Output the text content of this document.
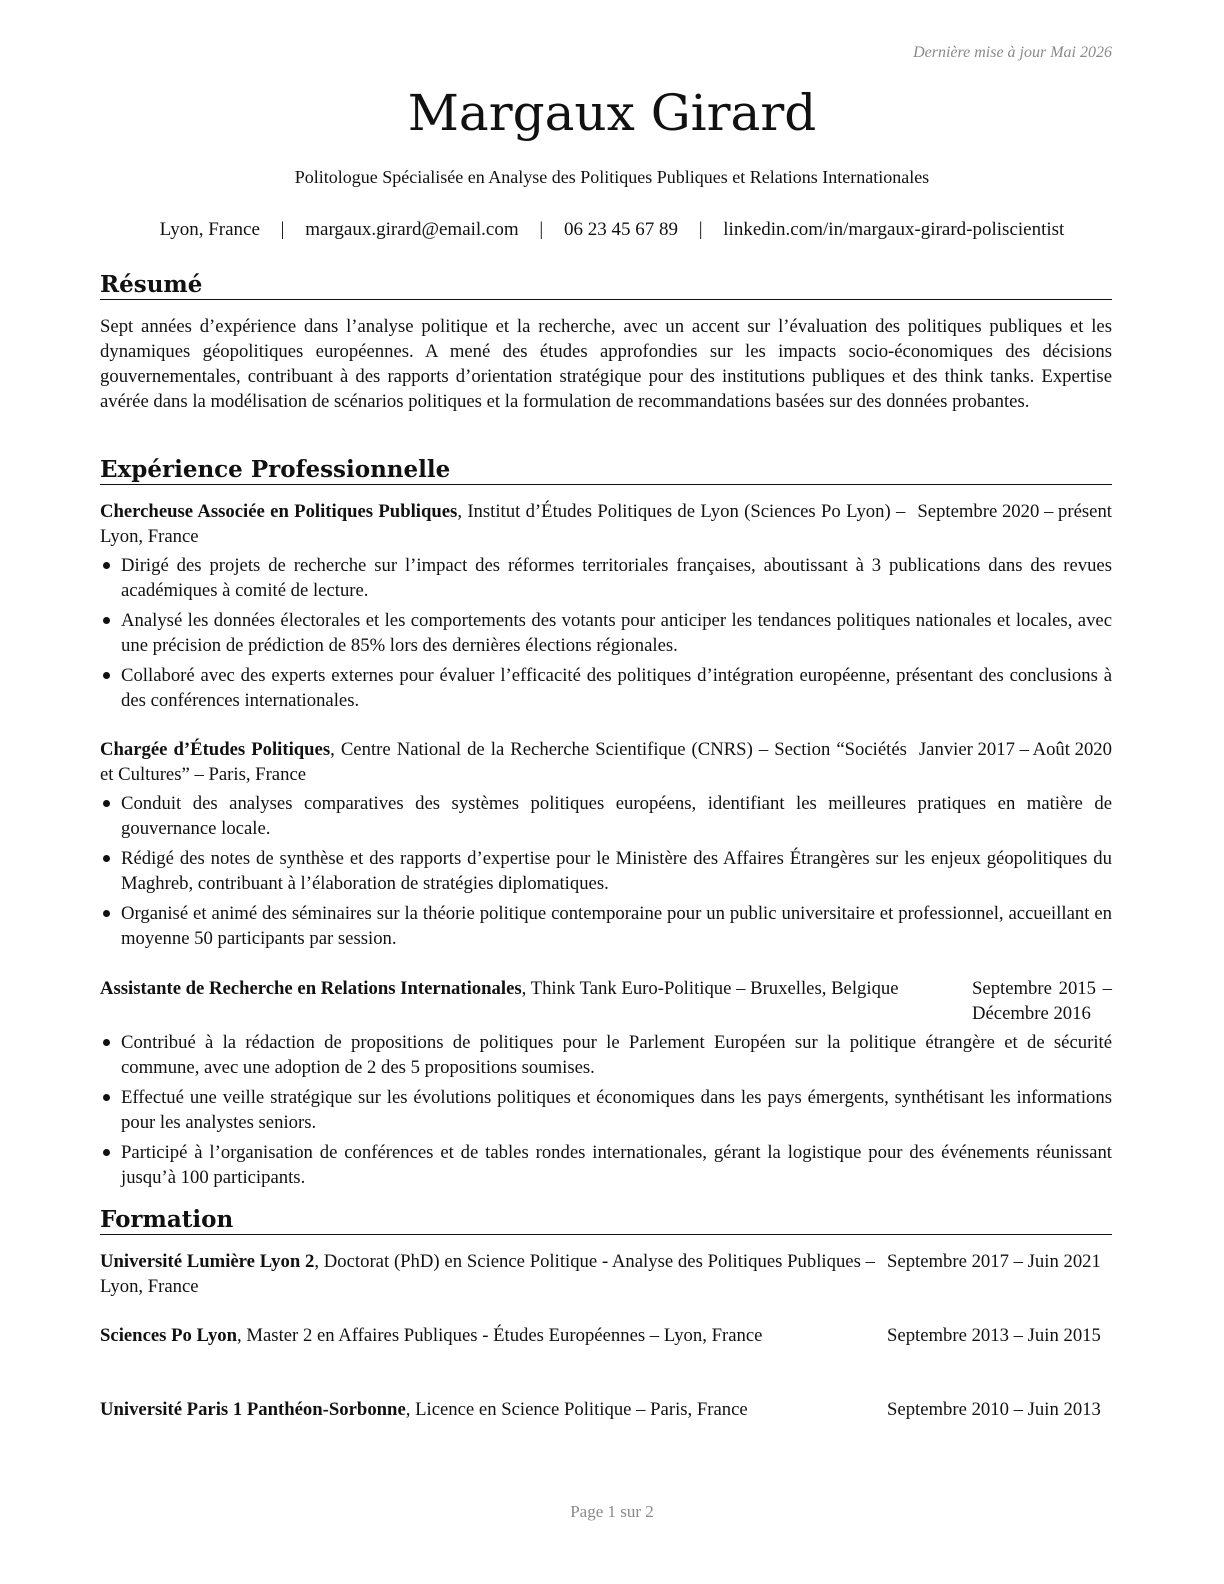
Dernière mise à jour Mai 2026
Margaux Girard
Politologue Spécialisée en Analyse des Politiques Publiques et Relations Internationales
Lyon, France | margaux.girard@email.com | 06 23 45 67 89 | linkedin.com/in/margaux-girard-poliscientist
Résumé
Sept années d’expérience dans l’analyse politique et la recherche, avec un accent sur l’évaluation des politiques publiques et les dynamiques géopolitiques européennes. A mené des études approfondies sur les impacts socio-économiques des décisions gouvernementales, contribuant à des rapports d’orientation stratégique pour des institutions publiques et des think tanks. Expertise avérée dans la modélisation de scénarios politiques et la formulation de recommandations basées sur des données probantes.
Expérience Professionnelle
Chercheuse Associée en Politiques Publiques, Institut d’Études Politiques de Lyon (Sciences Po Lyon) – Lyon, France
Septembre 2020 – présent
Dirigé des projets de recherche sur l’impact des réformes territoriales françaises, aboutissant à 3 publications dans des revues académiques à comité de lecture.
Analysé les données électorales et les comportements des votants pour anticiper les tendances politiques nationales et locales, avec une précision de prédiction de 85% lors des dernières élections régionales.
Collaboré avec des experts externes pour évaluer l’efficacité des politiques d’intégration européenne, présentant des conclusions à des conférences internationales.
Chargée d’Études Politiques, Centre National de la Recherche Scientifique (CNRS) – Section “Sociétés et Cultures” – Paris, France
Janvier 2017 – Août 2020
Conduit des analyses comparatives des systèmes politiques européens, identifiant les meilleures pratiques en matière de gouvernance locale.
Rédigé des notes de synthèse et des rapports d’expertise pour le Ministère des Affaires Étrangères sur les enjeux géopolitiques du Maghreb, contribuant à l’élaboration de stratégies diplomatiques.
Organisé et animé des séminaires sur la théorie politique contemporaine pour un public universitaire et professionnel, accueillant en moyenne 50 participants par session.
Assistante de Recherche en Relations Internationales, Think Tank Euro-Politique – Bruxelles, Belgique	Septembre 2015 – Décembre 2016
Contribué à la rédaction de propositions de politiques pour le Parlement Européen sur la politique étrangère et de sécurité commune, avec une adoption de 2 des 5 propositions soumises.
Effectué une veille stratégique sur les évolutions politiques et économiques dans les pays émergents, synthétisant les informations pour les analystes seniors.
Participé à l’organisation de conférences et de tables rondes internationales, gérant la logistique pour des événements réunissant jusqu’à 100 participants.
Formation
Université Lumière Lyon 2, Doctorat (PhD) en Science Politique - Analyse des Politiques Publiques – Lyon, France
Septembre 2017 – Juin 2021
Sciences Po Lyon, Master 2 en Affaires Publiques - Études Européennes – Lyon, France	Septembre 2013 – Juin 2015
Université Paris 1 Panthéon-Sorbonne, Licence en Science Politique – Paris, France	Septembre 2010 – Juin 2013
Page 1 sur 2
